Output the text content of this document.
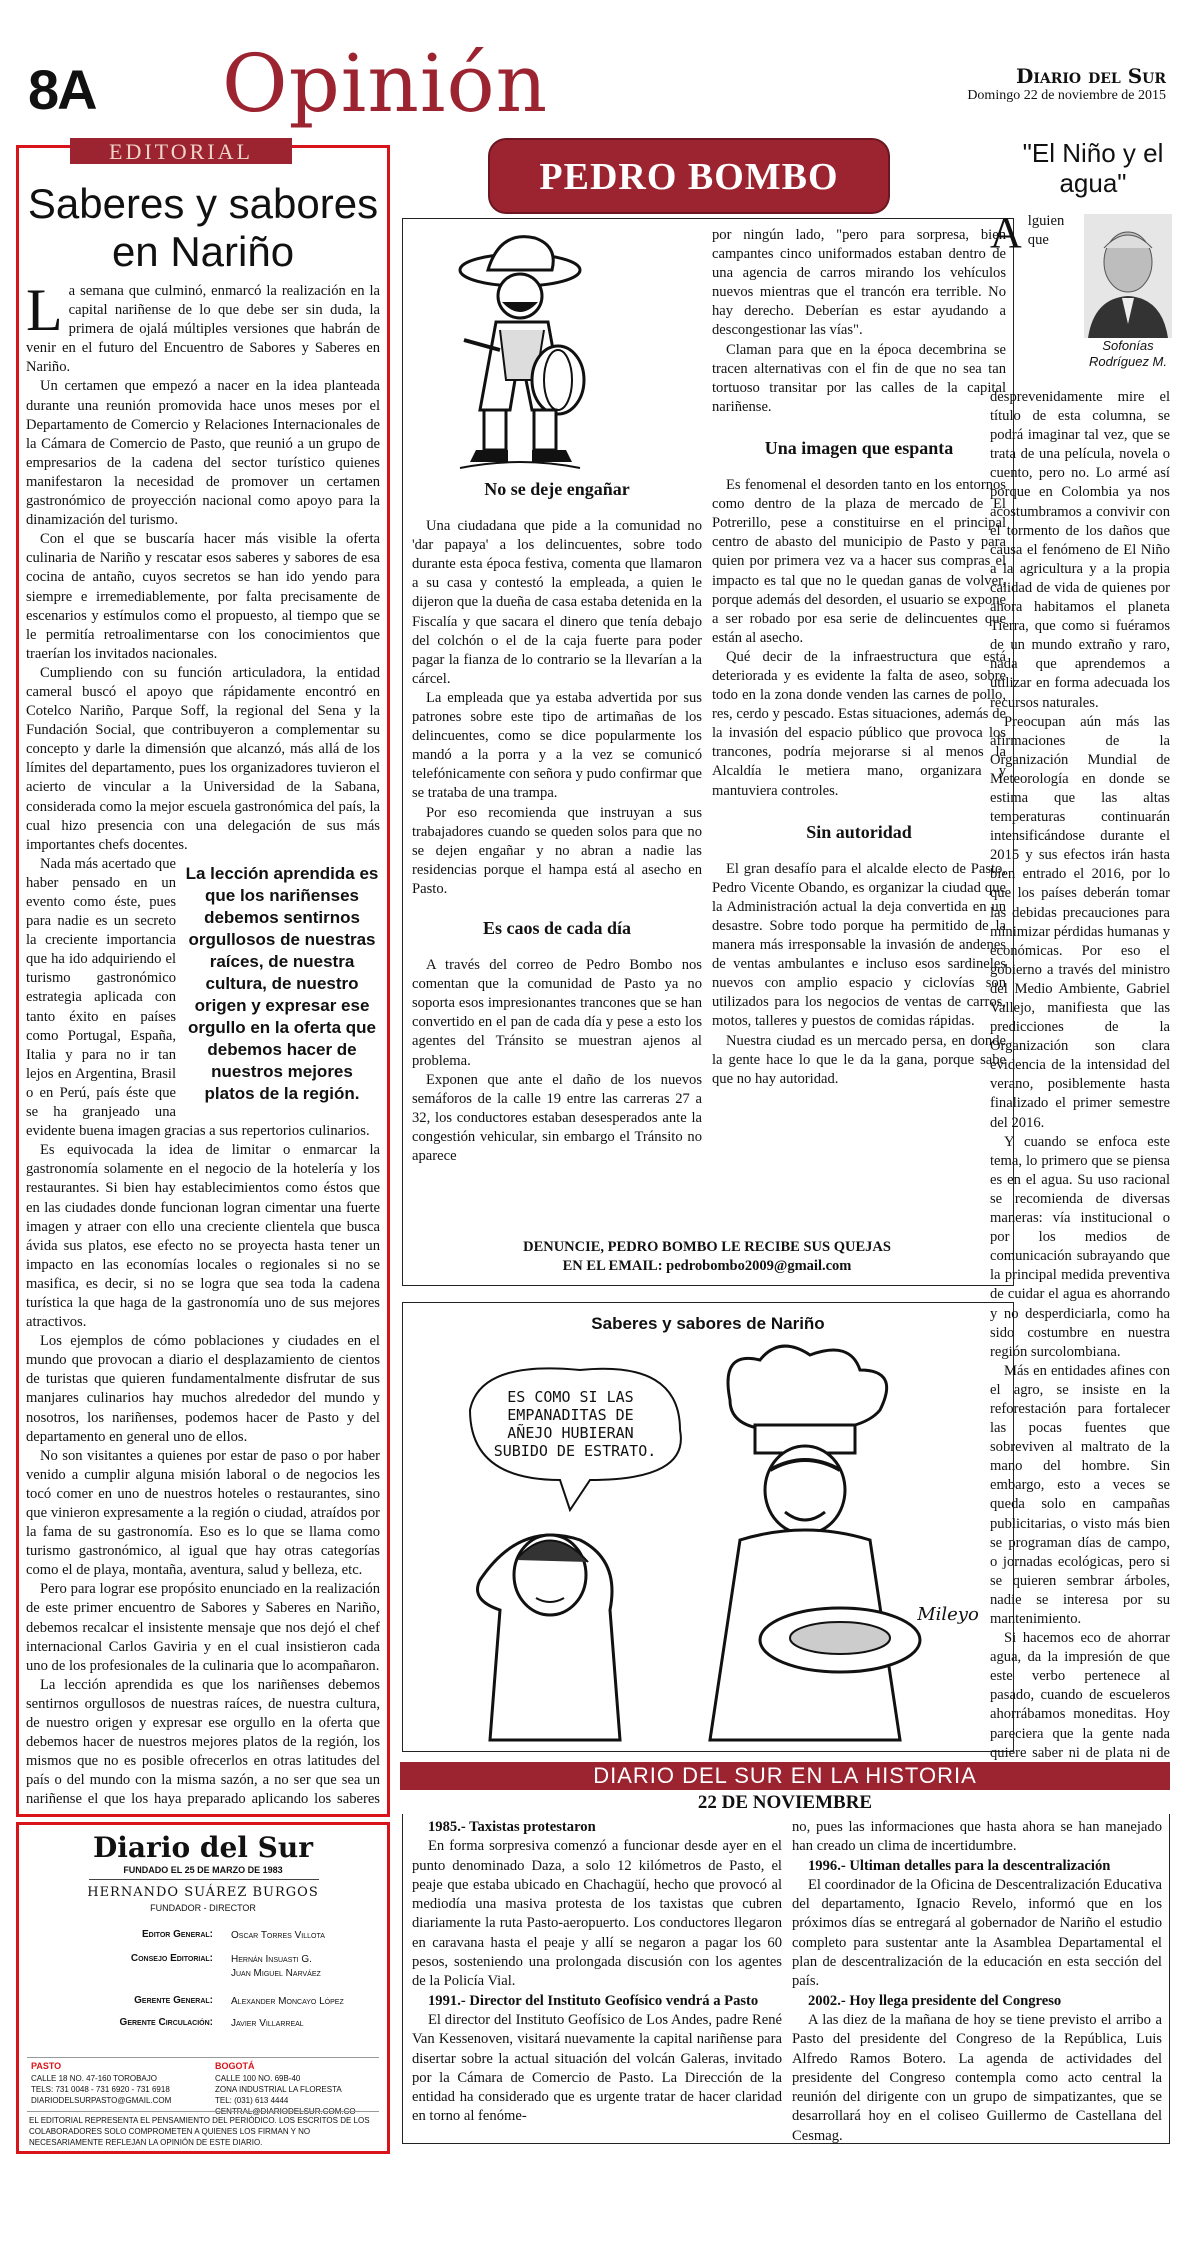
8A Opinión	Diario del Sur
Domingo 22 de noviembre de 2015
EDITORIAL
Saberes y sabores en Nariño

La semana que culminó, enmarcó la realización en la capital nariñense de lo que debe ser sin duda, la primera de ojalá múltiples versiones que habrán de venir en el futuro del Encuentro de Sabores y Saberes en Nariño.

Un certamen que empezó a nacer en la idea planteada durante una reunión promovida hace unos meses por el Departamento de Comercio y Relaciones Internacionales de la Cámara de Comercio de Pasto, que reunió a un grupo de empresarios de la cadena del sector turístico quienes manifestaron la necesidad de promover un certamen gastronómico de proyección nacional como apoyo para la dinamización del turismo.

Con el que se buscaría hacer más visible la oferta culinaria de Nariño y rescatar esos saberes y sabores de esa cocina de antaño, cuyos secretos se han ido yendo para siempre e irremediablemente, por falta precisamente de escenarios y estímulos como el propuesto, al tiempo que se le permitía retroalimentarse con los conocimientos que traerían los invitados nacionales.

Cumpliendo con su función articuladora, la entidad cameral buscó el apoyo que rápidamente encontró en Cotelco Nariño, Parque Soff, la regional del Sena y la Fundación Social, que contribuyeron a complementar su concepto y darle la dimensión que alcanzó, más allá de los límites del departamento, pues los organizadores tuvieron el acierto de vincular a la Universidad de la Sabana, considerada como la mejor escuela gastronómica del país, la cual hizo presencia con una delegación de sus más importantes chefs docentes.

La lección aprendida es que los nariñenses debemos sentirnos orgullosos de nuestras raíces, de nuestra cultura, de nuestro origen y expresar ese orgullo en la oferta que debemos hacer de nuestros mejores platos de la región.

Nada más acertado que haber pensado en un evento como éste, pues para nadie es un secreto la creciente importancia que ha ido adquiriendo el turismo gastronómico estrategia aplicada con tanto éxito en países como Portugal, España, Italia y para no ir tan lejos en Argentina, Brasil o en Perú, país éste que se ha granjeado una evidente buena imagen gracias a sus repertorios culinarios.

Es equivocada la idea de limitar o enmarcar la gastronomía solamente en el negocio de la hotelería y los restaurantes. Si bien hay establecimientos como éstos que en las ciudades donde funcionan logran cimentar una fuerte imagen y atraer con ello una creciente clientela que busca ávida sus platos, ese efecto no se proyecta hasta tener un impacto en las economías locales o regionales si no se masifica, es decir, si no se logra que sea toda la cadena turística la que haga de la gastronomía uno de sus mejores atractivos.

Los ejemplos de cómo poblaciones y ciudades en el mundo que provocan a diario el desplazamiento de cientos de turistas que quieren fundamentalmente disfrutar de sus manjares culinarios hay muchos alrededor del mundo y nosotros, los nariñenses, podemos hacer de Pasto y del departamento en general uno de ellos.

No son visitantes a quienes por estar de paso o por haber venido a cumplir alguna misión laboral o de negocios les tocó comer en uno de nuestros hoteles o restaurantes, sino que vinieron expresamente a la región o ciudad, atraídos por la fama de su gastronomía. Eso es lo que se llama como turismo gastronómico, al igual que hay otras categorías como el de playa, montaña, aventura, salud y belleza, etc.

Pero para lograr ese propósito enunciado en la realización de este primer encuentro de Sabores y Saberes en Nariño, debemos recalcar el insistente mensaje que nos dejó el chef internacional Carlos Gaviria y en el cual insistieron cada uno de los profesionales de la culinaria que lo acompañaron.

La lección aprendida es que los nariñenses debemos sentirnos orgullosos de nuestras raíces, de nuestra cultura, de nuestro origen y expresar ese orgullo en la oferta que debemos hacer de nuestros mejores platos de la región, los mismos que no es posible ofrecerlos en otras latitudes del país o del mundo con la misma sazón, a no ser que sea un nariñense el que los haya preparado aplicando los saberes

Diario del Sur
FUNDADO EL 25 DE MARZO DE 1983
HERNANDO SUÁREZ BURGOS
FUNDADOR - DIRECTOR
Editor General: Oscar Torres Villota
Consejo Editorial: Hernán Insuasti G.
Juan Miguel Narváez
Gerente General: Alexander Moncayo López
Gerente Circulación: Javier Villarreal
PASTO
CALLE 18 NO. 47-160 TOROBAJO
TELS: 731 0048 - 731 6920 - 731 6918
DIARIODELSURPASTO@GMAIL.COM
BOGOTÁ
CALLE 100 NO. 69B-40
ZONA INDUSTRIAL LA FLORESTA
TEL: (031) 613 4444
CENTRAL@DIARIODELSUR.COM.CO
EL EDITORIAL REPRESENTA EL PENSAMIENTO DEL PERIÓDICO. LOS ESCRITOS DE LOS COLABORADORES SOLO COMPROMETEN A QUIENES LOS FIRMAN Y NO NECESARIAMENTE REFLEJAN LA OPINIÓN DE ESTE DIARIO.
PEDRO BOMBO
No se deje engañar

Una ciudadana que pide a la comunidad no 'dar papaya' a los delincuentes, sobre todo durante esta época festiva, comenta que llamaron a su casa y contestó la empleada, a quien le dijeron que la dueña de casa estaba detenida en la Fiscalía y que sacara el dinero que tenía debajo del colchón o el de la caja fuerte para poder pagar la fianza de lo contrario se la llevarían a la cárcel.

La empleada que ya estaba advertida por sus patrones sobre este tipo de artimañas de los delincuentes, como se dice popularmente los mandó a la porra y a la vez se comunicó telefónicamente con señora y pudo confirmar que se trataba de una trampa.

Por eso recomienda que instruyan a sus trabajadores cuando se queden solos para que no se dejen engañar y no abran a nadie las residencias porque el hampa está al asecho en Pasto.

Es caos de cada día

A través del correo de Pedro Bombo nos comentan que la comunidad de Pasto ya no soporta esos impresionantes trancones que se han convertido en el pan de cada día y pese a esto los agentes del Tránsito se muestran ajenos al problema.

Exponen que ante el daño de los nuevos semáforos de la calle 19 entre las carreras 27 a 32, los conductores estaban desesperados ante la congestión vehicular, sin embargo el Tránsito no aparece

por ningún lado, "pero para sorpresa, bien campantes cinco uniformados estaban dentro de una agencia de carros mirando los vehículos nuevos mientras que el trancón era terrible. No hay derecho. Deberían es estar ayudando a descongestionar las vías".

Claman para que en la época decembrina se tracen alternativas con el fin de que no sea tan tortuoso transitar por las calles de la capital nariñense.

Una imagen que espanta

Es fenomenal el desorden tanto en los entornos como dentro de la plaza de mercado de El Potrerillo, pese a constituirse en el principal centro de abasto del municipio de Pasto y para quien por primera vez va a hacer sus compras el impacto es tal que no le quedan ganas de volver, porque además del desorden, el usuario se expone a ser robado por esa serie de delincuentes que están al asecho.

Qué decir de la infraestructura que está deteriorada y es evidente la falta de aseo, sobre todo en la zona donde venden las carnes de pollo, res, cerdo y pescado. Estas situaciones, además de la invasión del espacio público que provoca los trancones, podría mejorarse si al menos la Alcaldía le metiera mano, organizara y mantuviera controles.

Sin autoridad

El gran desafío para el alcalde electo de Pasto, Pedro Vicente Obando, es organizar la ciudad que la Administración actual la deja convertida en un desastre. Sobre todo porque ha permitido de la manera más irresponsable la invasión de andenes de ventas ambulantes e incluso esos sardineles nuevos con amplio espacio y ciclovías son utilizados para los negocios de ventas de carros, motos, talleres y puestos de comidas rápidas.

Nuestra ciudad es un mercado persa, en donde la gente hace lo que le da la gana, porque sabe que no hay autoridad.

DENUNCIE, PEDRO BOMBO LE RECIBE SUS QUEJAS
EN EL EMAIL: pedrobombo2009@gmail.com
Saberes y sabores de Nariño
ES COMO SI LAS EMPANADITAS DE AÑEJO HUBIERAN SUBIDO DE ESTRATO.
Mileyo
"El Niño y el agua"
Sofonías Rodríguez M.

Alguien que desprevenidamente mire el título de esta columna, se podrá imaginar tal vez, que se trata de una película, novela o cuento, pero no. Lo armé así porque en Colombia ya nos acostumbramos a convivir con el tormento de los daños que causa el fenómeno de El Niño a la agricultura y a la propia calidad de vida de quienes por ahora habitamos el planeta Tierra, que como si fuéramos de un mundo extraño y raro, nada que aprendemos a utilizar en forma adecuada los recursos naturales.

Preocupan aún más las afirmaciones de la Organización Mundial de Meteorología en donde se estima que las altas temperaturas continuarán intensificándose durante el 2015 y sus efectos irán hasta bien entrado el 2016, por lo que los países deberán tomar las debidas precauciones para minimizar pérdidas humanas y económicas. Por eso el gobierno a través del ministro del Medio Ambiente, Gabriel Vallejo, manifiesta que las predicciones de la Organización son clara evidencia de la intensidad del verano, posiblemente hasta finalizado el primer semestre del 2016.

Y cuando se enfoca este tema, lo primero que se piensa es en el agua. Su uso racional se recomienda de diversas maneras: vía institucional o por los medios de comunicación subrayando que la principal medida preventiva de cuidar el agua es ahorrando y no desperdiciarla, como ha sido costumbre en nuestra región surcolombiana.

Más en entidades afines con el agro, se insiste en la reforestación para fortalecer las pocas fuentes que sobreviven al maltrato de la mano del hombre. Sin embargo, esto a veces se queda solo en campañas publicitarias, o visto más bien se programan días de campo, o jornadas ecológicas, pero si se quieren sembrar árboles, nadie se interesa por su mantenimiento.

Si hacemos eco de ahorrar agua, da la impresión de que este verbo pertenece al pasado, cuando de escueleros ahorrábamos moneditas. Hoy pareciera que la gente nada quiere saber ni de plata ni de

DIARIO DEL SUR EN LA HISTORIA
22 DE NOVIEMBRE
1985.- Taxistas protestaron

En forma sorpresiva comenzó a funcionar desde ayer en el punto denominado Daza, a solo 12 kilómetros de Pasto, el peaje que estaba ubicado en Chachagüí, hecho que provocó al mediodía una masiva protesta de los taxistas que cubren diariamente la ruta Pasto-aeropuerto. Los conductores llegaron en caravana hasta el peaje y allí se negaron a pagar los 60 pesos, sosteniendo una prolongada discusión con los agentes de la Policía Vial.

1991.- Director del Instituto Geofísico vendrá a Pasto

El director del Instituto Geofísico de Los Andes, padre René Van Kessenoven, visitará nuevamente la capital nariñense para disertar sobre la actual situación del volcán Galeras, invitado por la Cámara de Comercio de Pasto. La Dirección de la entidad ha considerado que es urgente tratar de hacer claridad en torno al fenóme-

no, pues las informaciones que hasta ahora se han manejado han creado un clima de incertidumbre.

1996.- Ultiman detalles para la descentralización

El coordinador de la Oficina de Descentralización Educativa del departamento, Ignacio Revelo, informó que en los próximos días se entregará al gobernador de Nariño el estudio completo para sustentar ante la Asamblea Departamental el plan de descentralización de la educación en esta sección del país.

2002.- Hoy llega presidente del Congreso

A las diez de la mañana de hoy se tiene previsto el arribo a Pasto del presidente del Congreso de la República, Luis Alfredo Ramos Botero. La agenda de actividades del presidente del Congreso contempla como acto central la reunión del dirigente con un grupo de simpatizantes, que se desarrollará hoy en el coliseo Guillermo de Castellana del Cesmag.
